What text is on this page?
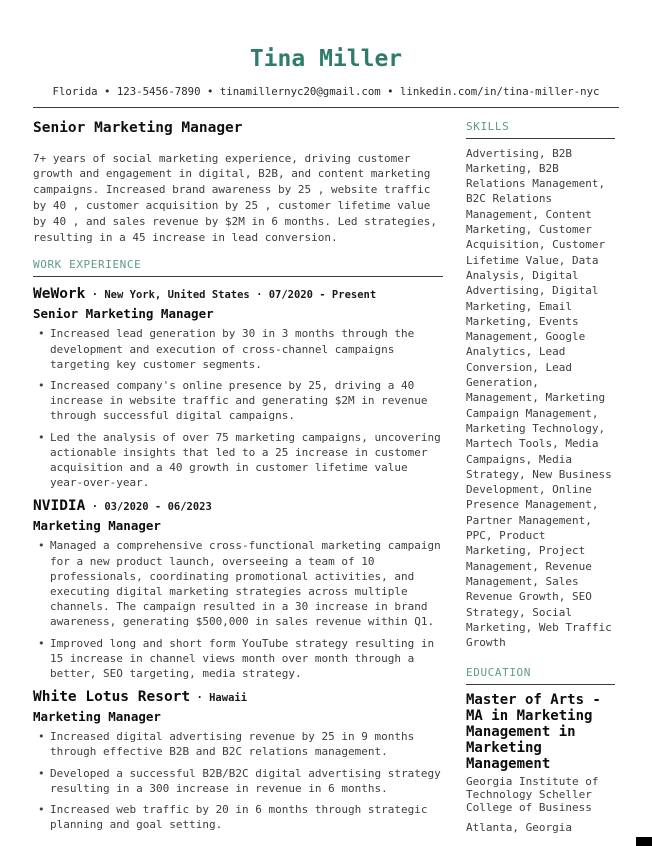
Tina Miller
Florida • 123-5456-7890 • tinamillernyc20@gmail.com • linkedin.com/in/tina-miller-nyc
Senior Marketing Manager
7+ years of social marketing experience, driving customer growth and engagement in digital, B2B, and content marketing campaigns. Increased brand awareness by 25 , website traffic by 40 , customer acquisition by 25 , customer lifetime value by 40 , and sales revenue by $2M in 6 months. Led strategies, resulting in a 45 increase in lead conversion.
WORK EXPERIENCE
WeWork · New York, United States · 07/2020 - Present
Senior Marketing Manager
• Increased lead generation by 30 in 3 months through the development and execution of cross-channel campaigns targeting key customer segments.
• Increased company's online presence by 25, driving a 40 increase in website traffic and generating $2M in revenue through successful digital campaigns.
• Led the analysis of over 75 marketing campaigns, uncovering actionable insights that led to a 25 increase in customer acquisition and a 40 growth in customer lifetime value year-over-year.
NVIDIA · 03/2020 - 06/2023
Marketing Manager
• Managed a comprehensive cross-functional marketing campaign for a new product launch, overseeing a team of 10 professionals, coordinating promotional activities, and executing digital marketing strategies across multiple channels. The campaign resulted in a 30 increase in brand awareness, generating $500,000 in sales revenue within Q1.
• Improved long and short form YouTube strategy resulting in 15 increase in channel views month over month through a better, SEO targeting, media strategy.
White Lotus Resort · Hawaii
Marketing Manager
• Increased digital advertising revenue by 25 in 9 months through effective B2B and B2C relations management.
• Developed a successful B2B/B2C digital advertising strategy resulting in a 300 increase in revenue in 6 months.
• Increased web traffic by 20 in 6 months through strategic planning and goal setting.
SKILLS
Advertising, B2B Marketing, B2B Relations Management, B2C Relations Management, Content Marketing, Customer Acquisition, Customer Lifetime Value, Data Analysis, Digital Advertising, Digital Marketing, Email Marketing, Events Management, Google Analytics, Lead Conversion, Lead Generation, Management, Marketing Campaign Management, Marketing Technology, Martech Tools, Media Campaigns, Media Strategy, New Business Development, Online Presence Management, Partner Management, PPC, Product Marketing, Project Management, Revenue Management, Sales Revenue Growth, SEO Strategy, Social Marketing, Web Traffic Growth
EDUCATION
Master of Arts - MA in Marketing Management in Marketing Management
Georgia Institute of Technology Scheller College of Business
Atlanta, Georgia
